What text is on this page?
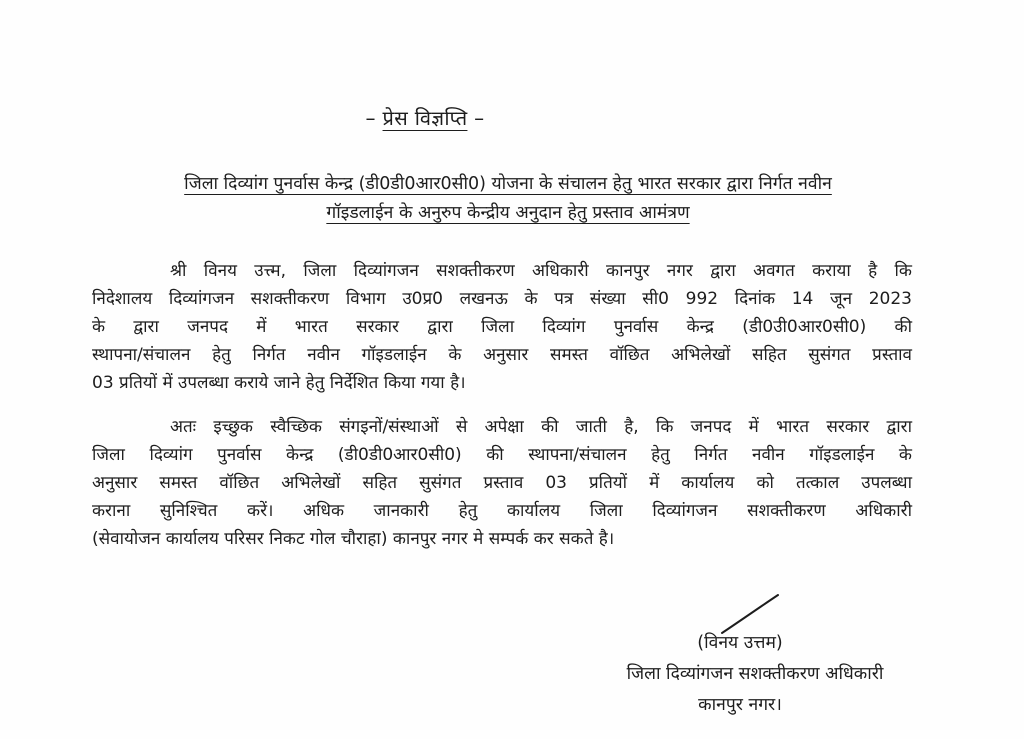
– प्रेस विज्ञप्ति –
जिला दिव्यांग पुनर्वास केन्द्र (डी0डी0आर0सी0) योजना के संचालन हेतु भारत सरकार द्वारा निर्गत नवीन
गॉइडलाईन के अनुरुप केन्द्रीय अनुदान हेतु प्रस्ताव आमंत्रण
श्री विनय उत्त्म, जिला दिव्यांगजन सशक्तीकरण अधिकारी कानपुर नगर द्वारा अवगत कराया है कि
निदेशालय दिव्यांगजन सशक्तीकरण विभाग उ0प्र0 लखनऊ के पत्र संख्या सी0 992 दिनांक 14 जून 2023
के द्वारा जनपद में भारत सरकार द्वारा जिला दिव्यांग पुनर्वास केन्द्र (डी0उी0आर0सी0) की
स्थापना/संचालन हेतु निर्गत नवीन गॉइडलाईन के अनुसार समस्त वॉछित अभिलेखों सहित सुसंगत प्रस्ताव
03 प्रतियों में उपलब्धा कराये जाने हेतु निर्देशित किया गया है।
अतः इच्छुक स्वैच्छिक संगइनों/संस्थाओं से अपेक्षा की जाती है, कि जनपद में भारत सरकार द्वारा
जिला दिव्यांग पुनर्वास केन्द्र (डी0डी0आर0सी0) की स्थापना/संचालन हेतु निर्गत नवीन गॉइडलाईन के
अनुसार समस्त वॉछित अभिलेखों सहित सुसंगत प्रस्ताव 03 प्रतियों में कार्यालय को तत्काल उपलब्धा
कराना सुनिश्चित करें। अधिक जानकारी हेतु कार्यालय जिला दिव्यांगजन सशक्तीकरण अधिकारी
(सेवायोजन कार्यालय परिसर निकट गोल चौराहा) कानपुर नगर मे सम्पर्क कर सकते है।
(विनय उत्तम)
जिला दिव्यांगजन सशक्तीकरण अधिकारी
कानपुर नगर।
